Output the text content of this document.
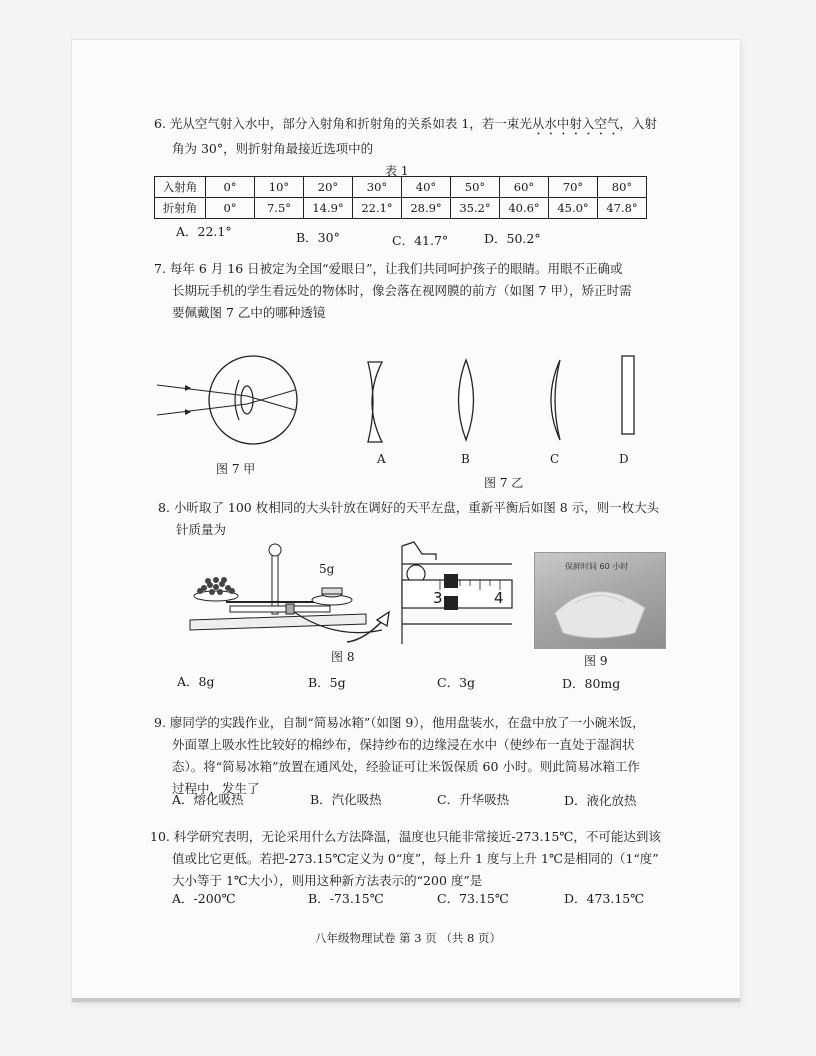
6. 光从空气射入水中，部分入射角和折射角的关系如表 1，若一束光从水中射入空气，入射
角为 30°，则折射角最接近选项中的
表 1
入射角	0°	10°	20°	30°	40°	50°	60°	70°	80°
折射角	0°	7.5°	14.9°	22.1°	28.9°	35.2°	40.6°	45.0°	47.8°
A．22.1°	B．30°	C．41.7°	D．50.2°
7. 每年 6 月 16 日被定为全国“爱眼日”，让我们共同呵护孩子的眼睛。用眼不正确或
长期玩手机的学生看远处的物体时，像会落在视网膜的前方（如图 7 甲），矫正时需
要佩戴图 7 乙中的哪种透镜
图 7 甲
A	B	C	D
图 7 乙
8. 小昕取了 100 枚相同的大头针放在调好的天平左盘，重新平衡后如图 8 示，则一枚大头
针质量为
5g
3	4
图 8
保鲜时间 60 小时
图 9
A．8g	B．5g	C．3g	D．80mg
9. 廖同学的实践作业，自制“简易冰箱”（如图 9），他用盘装水，在盘中放了一小碗米饭，
外面罩上吸水性比较好的棉纱布，保持纱布的边缘浸在水中（使纱布一直处于湿润状
态）。将“简易冰箱”放置在通风处，经验证可让米饭保质 60 小时。则此简易冰箱工作
过程中，发生了
A．熔化吸热	B．汽化吸热	C．升华吸热	D．液化放热
10. 科学研究表明，无论采用什么方法降温，温度也只能非常接近-273.15℃，不可能达到该
值或比它更低。若把-273.15℃定义为 0“度”，每上升 1 度与上升 1℃是相同的（1“度”
大小等于 1℃大小），则用这种新方法表示的“200 度”是
A．-200℃	B．-73.15℃	C．73.15℃	D．473.15℃
八年级物理试卷 第 3 页 （共 8 页）
